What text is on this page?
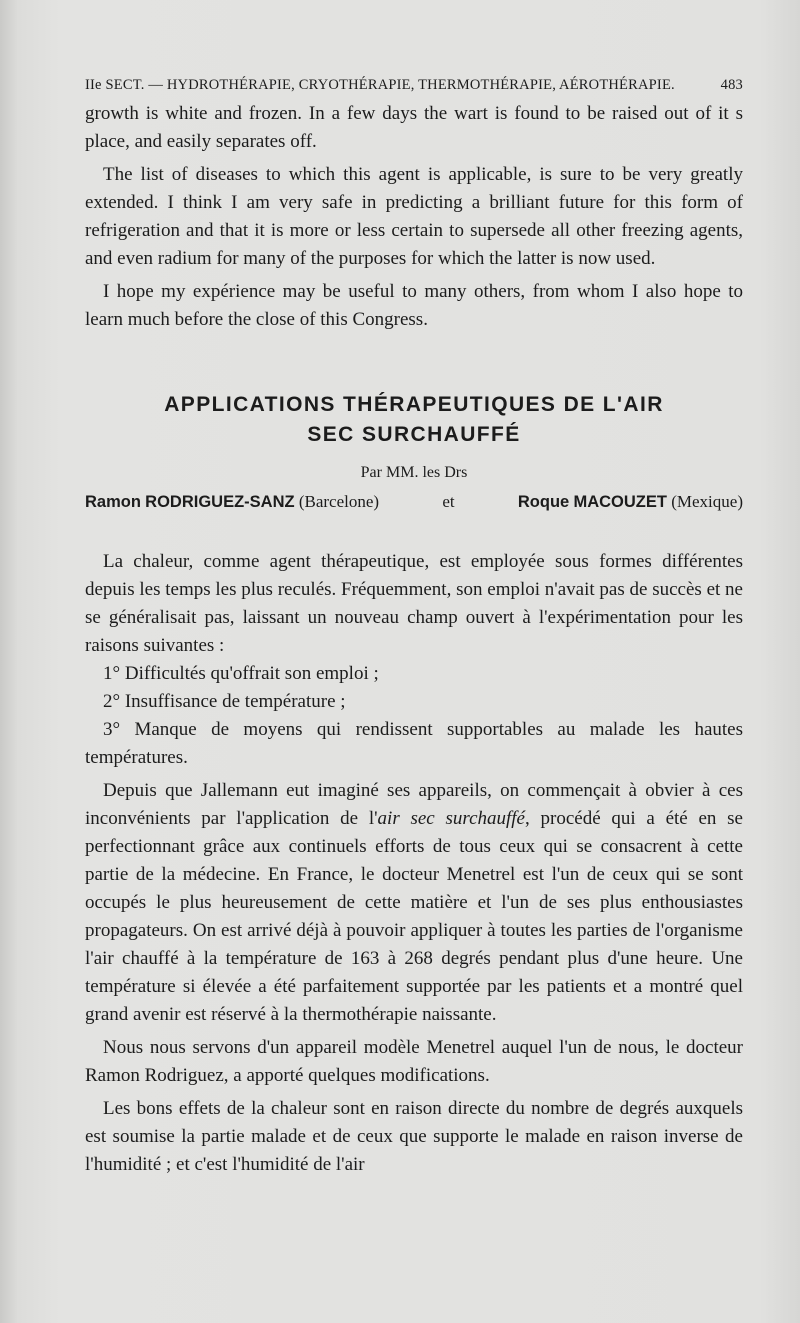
IIe SECT. — HYDROTHÉRAPIE, CRYOTHÉRAPIE, THERMOTHÉRAPIE, AÉROTHÉRAPIE.	483

growth is white and frozen. In a few days the wart is found to be raised out of it s place, and easily separates off.

The list of diseases to which this agent is applicable, is sure to be very greatly extended. I think I am very safe in predicting a brilliant future for this form of refrigeration and that it is more or less certain to supersede all other freezing agents, and even radium for many of the purposes for which the latter is now used.

I hope my expérience may be useful to many others, from whom I also hope to learn much before the close of this Congress.

APPLICATIONS THÉRAPEUTIQUES DE L'AIR
SEC SURCHAUFFÉ
Par MM. les Drs
Ramon RODRIGUEZ-SANZ (Barcelone)	et	Roque MACOUZET (Mexique)

La chaleur, comme agent thérapeutique, est employée sous formes différentes depuis les temps les plus reculés. Fréquemment, son emploi n'avait pas de succès et ne se généralisait pas, laissant un nouveau champ ouvert à l'expérimentation pour les raisons suivantes :

1° Difficultés qu'offrait son emploi ;

2° Insuffisance de température ;

3° Manque de moyens qui rendissent supportables au malade les hautes températures.

Depuis que Jallemann eut imaginé ses appareils, on commençait à obvier à ces inconvénients par l'application de l'air sec surchauffé, procédé qui a été en se perfectionnant grâce aux continuels efforts de tous ceux qui se consacrent à cette partie de la médecine. En France, le docteur Menetrel est l'un de ceux qui se sont occupés le plus heureusement de cette matière et l'un de ses plus enthousiastes propagateurs. On est arrivé déjà à pouvoir appliquer à toutes les parties de l'organisme l'air chauffé à la température de 163 à 268 degrés pendant plus d'une heure. Une température si élevée a été parfaitement supportée par les patients et a montré quel grand avenir est réservé à la thermothérapie naissante.

Nous nous servons d'un appareil modèle Menetrel auquel l'un de nous, le docteur Ramon Rodriguez, a apporté quelques modifications.

Les bons effets de la chaleur sont en raison directe du nombre de degrés auxquels est soumise la partie malade et de ceux que supporte le malade en raison inverse de l'humidité ; et c'est l'humidité de l'air
